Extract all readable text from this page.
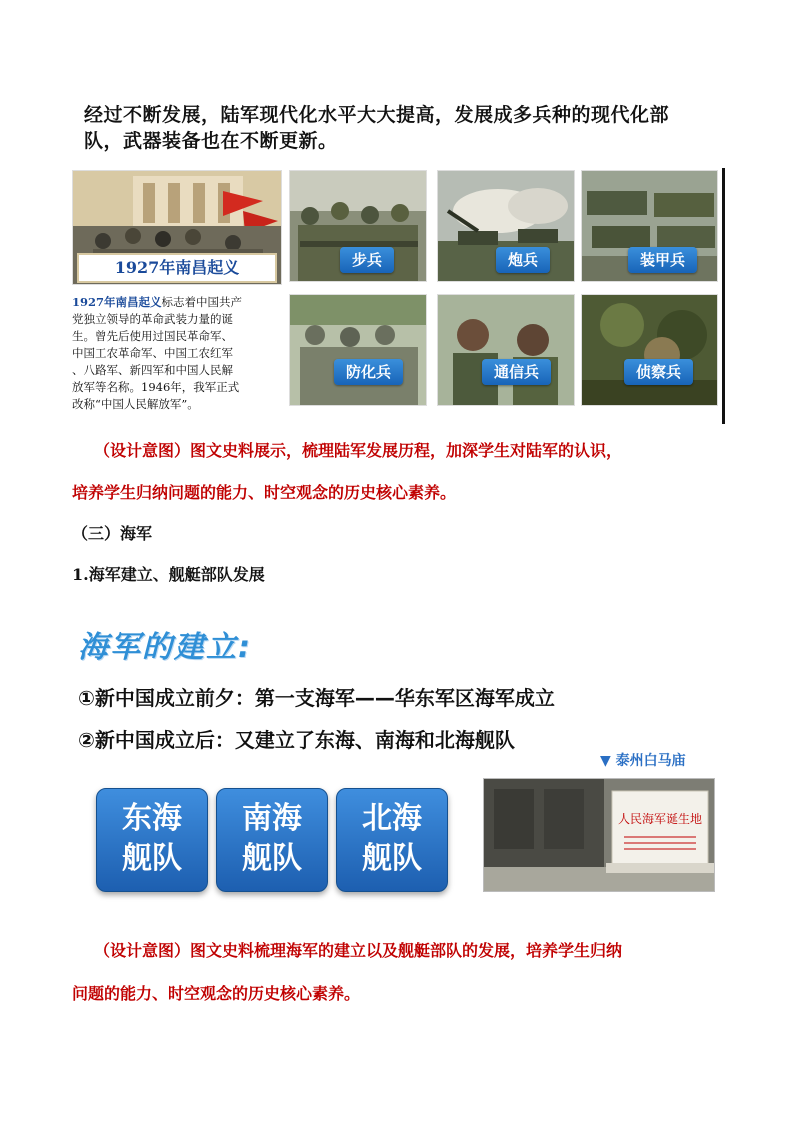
经过不断发展，陆军现代化水平大大提高，发展成多兵种的现代化部
队，武器装备也在不断更新。
1927年南昌起义	步兵	炮兵	装甲兵
1927年南昌起义标志着中国共产
党独立领导的革命武装力量的诞
生。曾先后使用过国民革命军、
中国工农革命军、中国工农红军
、八路军、新四军和中国人民解
放军等名称。1946年，我军正式
改称“中国人民解放军”。
防化兵	通信兵	侦察兵
（设计意图）图文史料展示，梳理陆军发展历程，加深学生对陆军的认识，
培养学生归纳问题的能力、时空观念的历史核心素养。
（三）海军
1.海军建立、舰艇部队发展
海军的建立:
①新中国成立前夕：第一支海军——华东军区海军成立
②新中国成立后：又建立了东海、南海和北海舰队
▼ 泰州白马庙
东海
舰队
南海
舰队
北海
舰队
人民海军诞生地
（设计意图）图文史料梳理海军的建立以及舰艇部队的发展，培养学生归纳
问题的能力、时空观念的历史核心素养。
